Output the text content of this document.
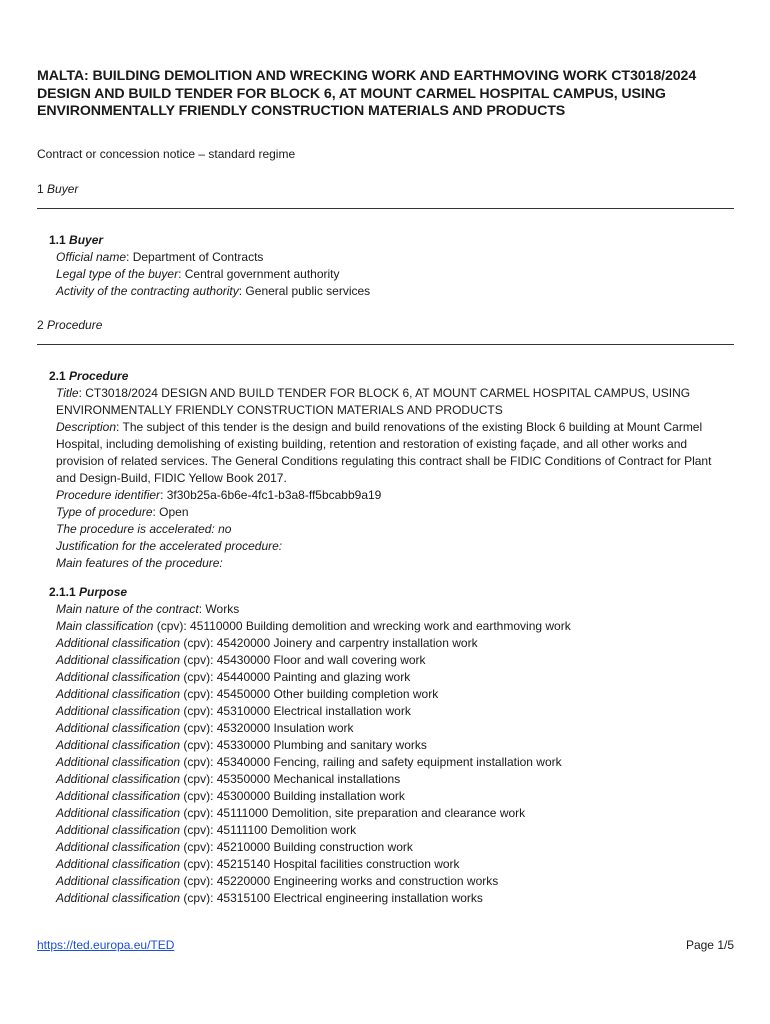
MALTA: BUILDING DEMOLITION AND WRECKING WORK AND EARTHMOVING WORK CT3018/2024 DESIGN AND BUILD TENDER FOR BLOCK 6, AT MOUNT CARMEL HOSPITAL CAMPUS, USING ENVIRONMENTALLY FRIENDLY CONSTRUCTION MATERIALS AND PRODUCTS

Contract or concession notice – standard regime

1 Buyer

1.1 Buyer
Official name: Department of Contracts
Legal type of the buyer: Central government authority
Activity of the contracting authority: General public services

2 Procedure

2.1 Procedure
Title: CT3018/2024 DESIGN AND BUILD TENDER FOR BLOCK 6, AT MOUNT CARMEL HOSPITAL CAMPUS, USING ENVIRONMENTALLY FRIENDLY CONSTRUCTION MATERIALS AND PRODUCTS
Description: The subject of this tender is the design and build renovations of the existing Block 6 building at Mount Carmel Hospital, including demolishing of existing building, retention and restoration of existing façade, and all other works and provision of related services. The General Conditions regulating this contract shall be FIDIC Conditions of Contract for Plant and Design-Build, FIDIC Yellow Book 2017.
Procedure identifier: 3f30b25a-6b6e-4fc1-b3a8-ff5bcabb9a19
Type of procedure: Open
The procedure is accelerated: no
Justification for the accelerated procedure:
Main features of the procedure:
2.1.1 Purpose
Main nature of the contract: Works
Main classification (cpv): 45110000 Building demolition and wrecking work and earthmoving work
Additional classification (cpv): 45420000 Joinery and carpentry installation work
Additional classification (cpv): 45430000 Floor and wall covering work
Additional classification (cpv): 45440000 Painting and glazing work
Additional classification (cpv): 45450000 Other building completion work
Additional classification (cpv): 45310000 Electrical installation work
Additional classification (cpv): 45320000 Insulation work
Additional classification (cpv): 45330000 Plumbing and sanitary works
Additional classification (cpv): 45340000 Fencing, railing and safety equipment installation work
Additional classification (cpv): 45350000 Mechanical installations
Additional classification (cpv): 45300000 Building installation work
Additional classification (cpv): 45111000 Demolition, site preparation and clearance work
Additional classification (cpv): 45111100 Demolition work
Additional classification (cpv): 45210000 Building construction work
Additional classification (cpv): 45215140 Hospital facilities construction work
Additional classification (cpv): 45220000 Engineering works and construction works
Additional classification (cpv): 45315100 Electrical engineering installation works
https://ted.europa.eu/TED	Page 1/5
